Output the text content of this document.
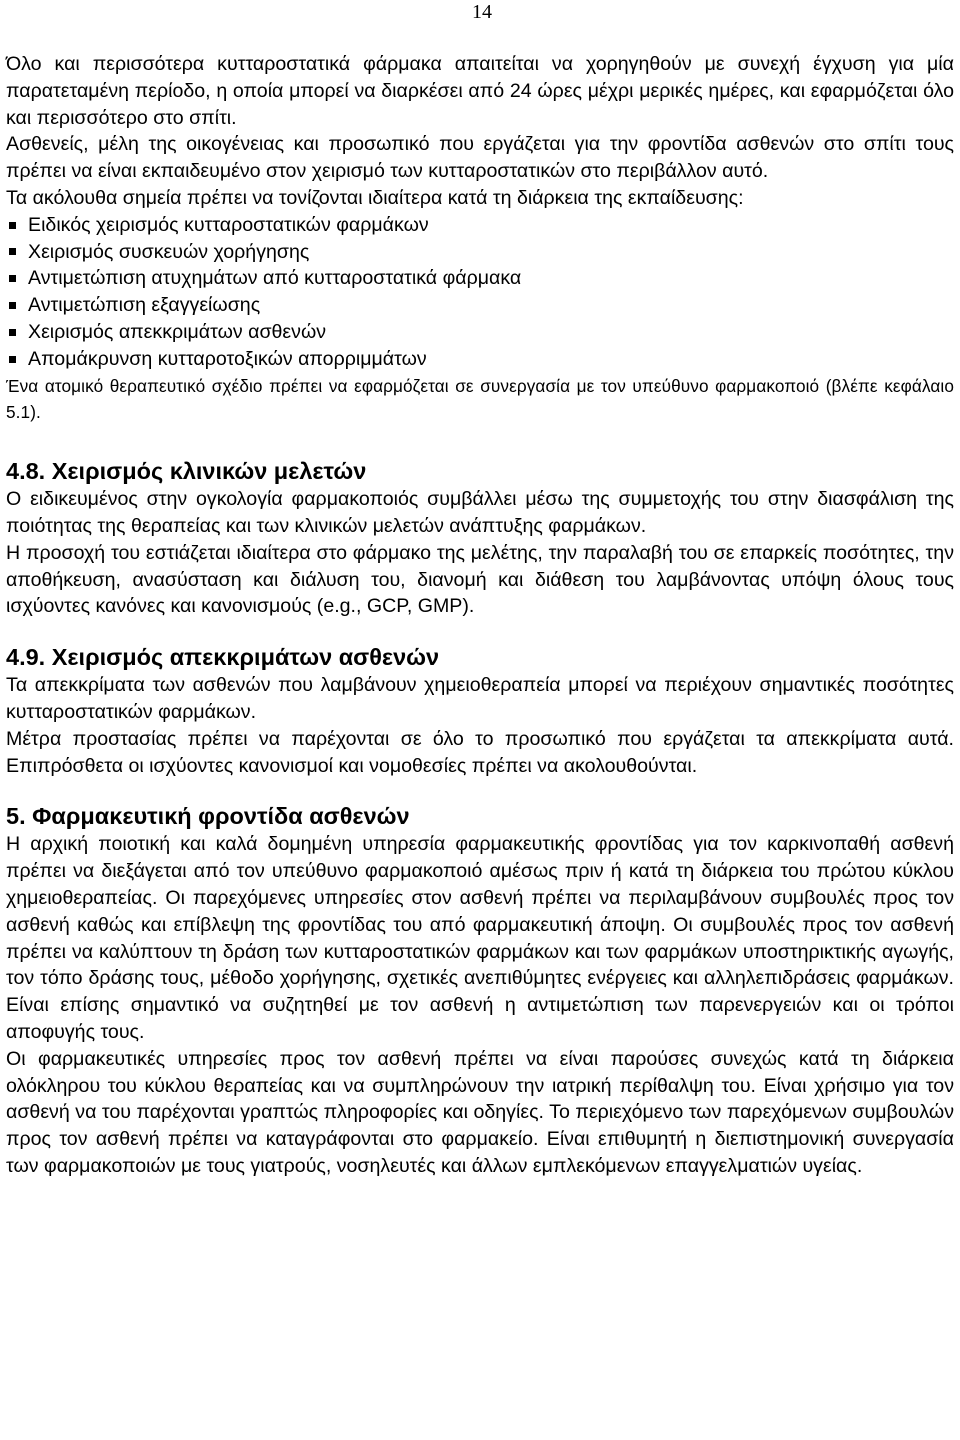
14

Όλο και περισσότερα κυτταροστατικά φάρμακα απαιτείται να χορηγηθούν με συνεχή έγχυση για μία παρατεταμένη περίοδο, η οποία μπορεί να διαρκέσει από 24 ώρες μέχρι μερικές ημέρες, και εφαρμόζεται όλο και περισσότερο στο σπίτι.

Ασθενείς, μέλη της οικογένειας και προσωπικό που εργάζεται για την φροντίδα ασθενών στο σπίτι τους πρέπει να είναι εκπαιδευμένο στον χειρισμό των κυτταροστατικών στο περιβάλλον αυτό.

Τα ακόλουθα σημεία πρέπει να τονίζονται ιδιαίτερα κατά τη διάρκεια της εκπαίδευσης:

Ειδικός χειρισμός κυτταροστατικών φαρμάκων
Χειρισμός συσκευών χορήγησης
Αντιμετώπιση ατυχημάτων από κυτταροστατικά φάρμακα
Αντιμετώπιση εξαγγείωσης
Χειρισμός απεκκριμάτων ασθενών
Απομάκρυνση κυτταροτοξικών απορριμμάτων

Ένα ατομικό θεραπευτικό σχέδιο πρέπει να εφαρμόζεται σε συνεργασία με τον υπεύθυνο φαρμακοποιό (βλέπε κεφάλαιο 5.1).

4.8. Χειρισμός κλινικών μελετών

Ο ειδικευμένος στην ογκολογία φαρμακοποιός συμβάλλει μέσω της συμμετοχής του στην διασφάλιση της ποιότητας της θεραπείας και των κλινικών μελετών ανάπτυξης φαρμάκων.

Η προσοχή του εστιάζεται ιδιαίτερα στο φάρμακο της μελέτης, την παραλαβή του σε επαρκείς ποσότητες, την αποθήκευση, ανασύσταση και διάλυση του, διανομή και διάθεση του λαμβάνοντας υπόψη όλους τους ισχύοντες κανόνες και κανονισμούς (e.g., GCP, GMP).

4.9. Χειρισμός απεκκριμάτων ασθενών

Τα απεκκρίματα των ασθενών που λαμβάνουν χημειοθεραπεία μπορεί να περιέχουν σημαντικές ποσότητες κυτταροστατικών φαρμάκων.

Μέτρα προστασίας πρέπει να παρέχονται σε όλο το προσωπικό που εργάζεται τα απεκκρίματα αυτά. Επιπρόσθετα οι ισχύοντες κανονισμοί και νομοθεσίες πρέπει να ακολουθούνται.

5. Φαρμακευτική φροντίδα ασθενών

Η αρχική ποιοτική και καλά δομημένη υπηρεσία φαρμακευτικής φροντίδας για τον καρκινοπαθή ασθενή πρέπει να διεξάγεται από τον υπεύθυνο φαρμακοποιό αμέσως πριν ή κατά τη διάρκεια του πρώτου κύκλου χημειοθεραπείας. Οι παρεχόμενες υπηρεσίες στον ασθενή πρέπει να περιλαμβάνουν συμβουλές προς τον ασθενή καθώς και επίβλεψη της φροντίδας του από φαρμακευτική άποψη. Οι συμβουλές προς τον ασθενή πρέπει να καλύπτουν τη δράση των κυτταροστατικών φαρμάκων και των φαρμάκων υποστηρικτικής αγωγής, τον τόπο δράσης τους, μέθοδο χορήγησης, σχετικές ανεπιθύμητες ενέργειες και αλληλεπιδράσεις φαρμάκων. Είναι επίσης σημαντικό να συζητηθεί με τον ασθενή η αντιμετώπιση των παρενεργειών και οι τρόποι αποφυγής τους.

Οι φαρμακευτικές υπηρεσίες προς τον ασθενή πρέπει να είναι παρούσες συνεχώς κατά τη διάρκεια ολόκληρου του κύκλου θεραπείας και να συμπληρώνουν την ιατρική περίθαλψη του. Είναι χρήσιμο για τον ασθενή να του παρέχονται γραπτώς πληροφορίες και οδηγίες. Το περιεχόμενο των παρεχόμενων συμβουλών προς τον ασθενή πρέπει να καταγράφονται στο φαρμακείο. Είναι επιθυμητή η διεπιστημονική συνεργασία των φαρμακοποιών με τους γιατρούς, νοσηλευτές και άλλων εμπλεκόμενων επαγγελματιών υγείας.
